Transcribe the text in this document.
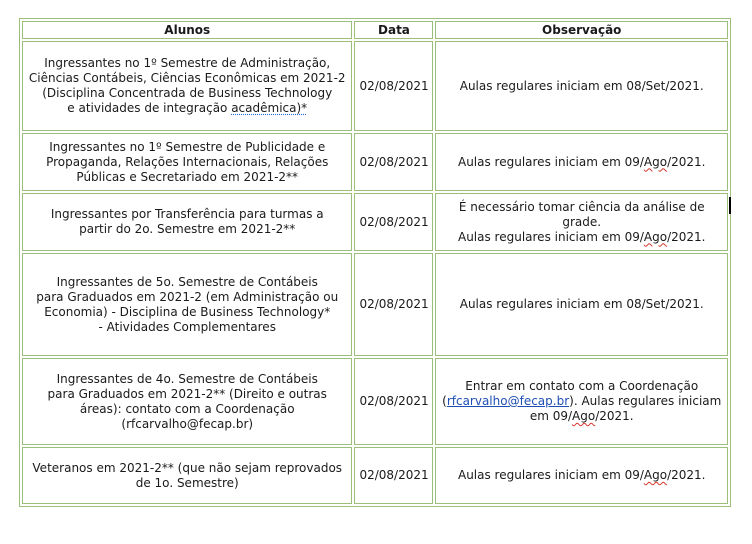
Alunos	Data	Observação

Ingressantes no 1º Semestre de Administração,
Ciências Contábeis, Ciências Econômicas em 2021-2
(Disciplina Concentrada de Business Technology
e atividades de integração acadêmica)*	02/08/2021	Aulas regulares iniciam em 08/Set/2021.

Ingressantes no 1º Semestre de Publicidade e
Propaganda, Relações Internacionais, Relações
Públicas e Secretariado em 2021-2**	02/08/2021	Aulas regulares iniciam em 09/Ago/2021.

Ingressantes por Transferência para turmas a
partir do 2o. Semestre em 2021-2**	02/08/2021	É necessário tomar ciência da análise de grade.
Aulas regulares iniciam em 09/Ago/2021.

Ingressantes de 5o. Semestre de Contábeis
para Graduados em 2021-2 (em Administração ou
Economia) - Disciplina de Business Technology*
- Atividades Complementares	02/08/2021	Aulas regulares iniciam em 08/Set/2021.

Ingressantes de 4o. Semestre de Contábeis
para Graduados em 2021-2** (Direito e outras
áreas): contato com a Coordenação
(rfcarvalho@fecap.br)	02/08/2021	Entrar em contato com a Coordenação
(rfcarvalho@fecap.br). Aulas regulares iniciam
em 09/Ago/2021.

Veteranos em 2021-2** (que não sejam reprovados
de 1o. Semestre)	02/08/2021	Aulas regulares iniciam em 09/Ago/2021.
